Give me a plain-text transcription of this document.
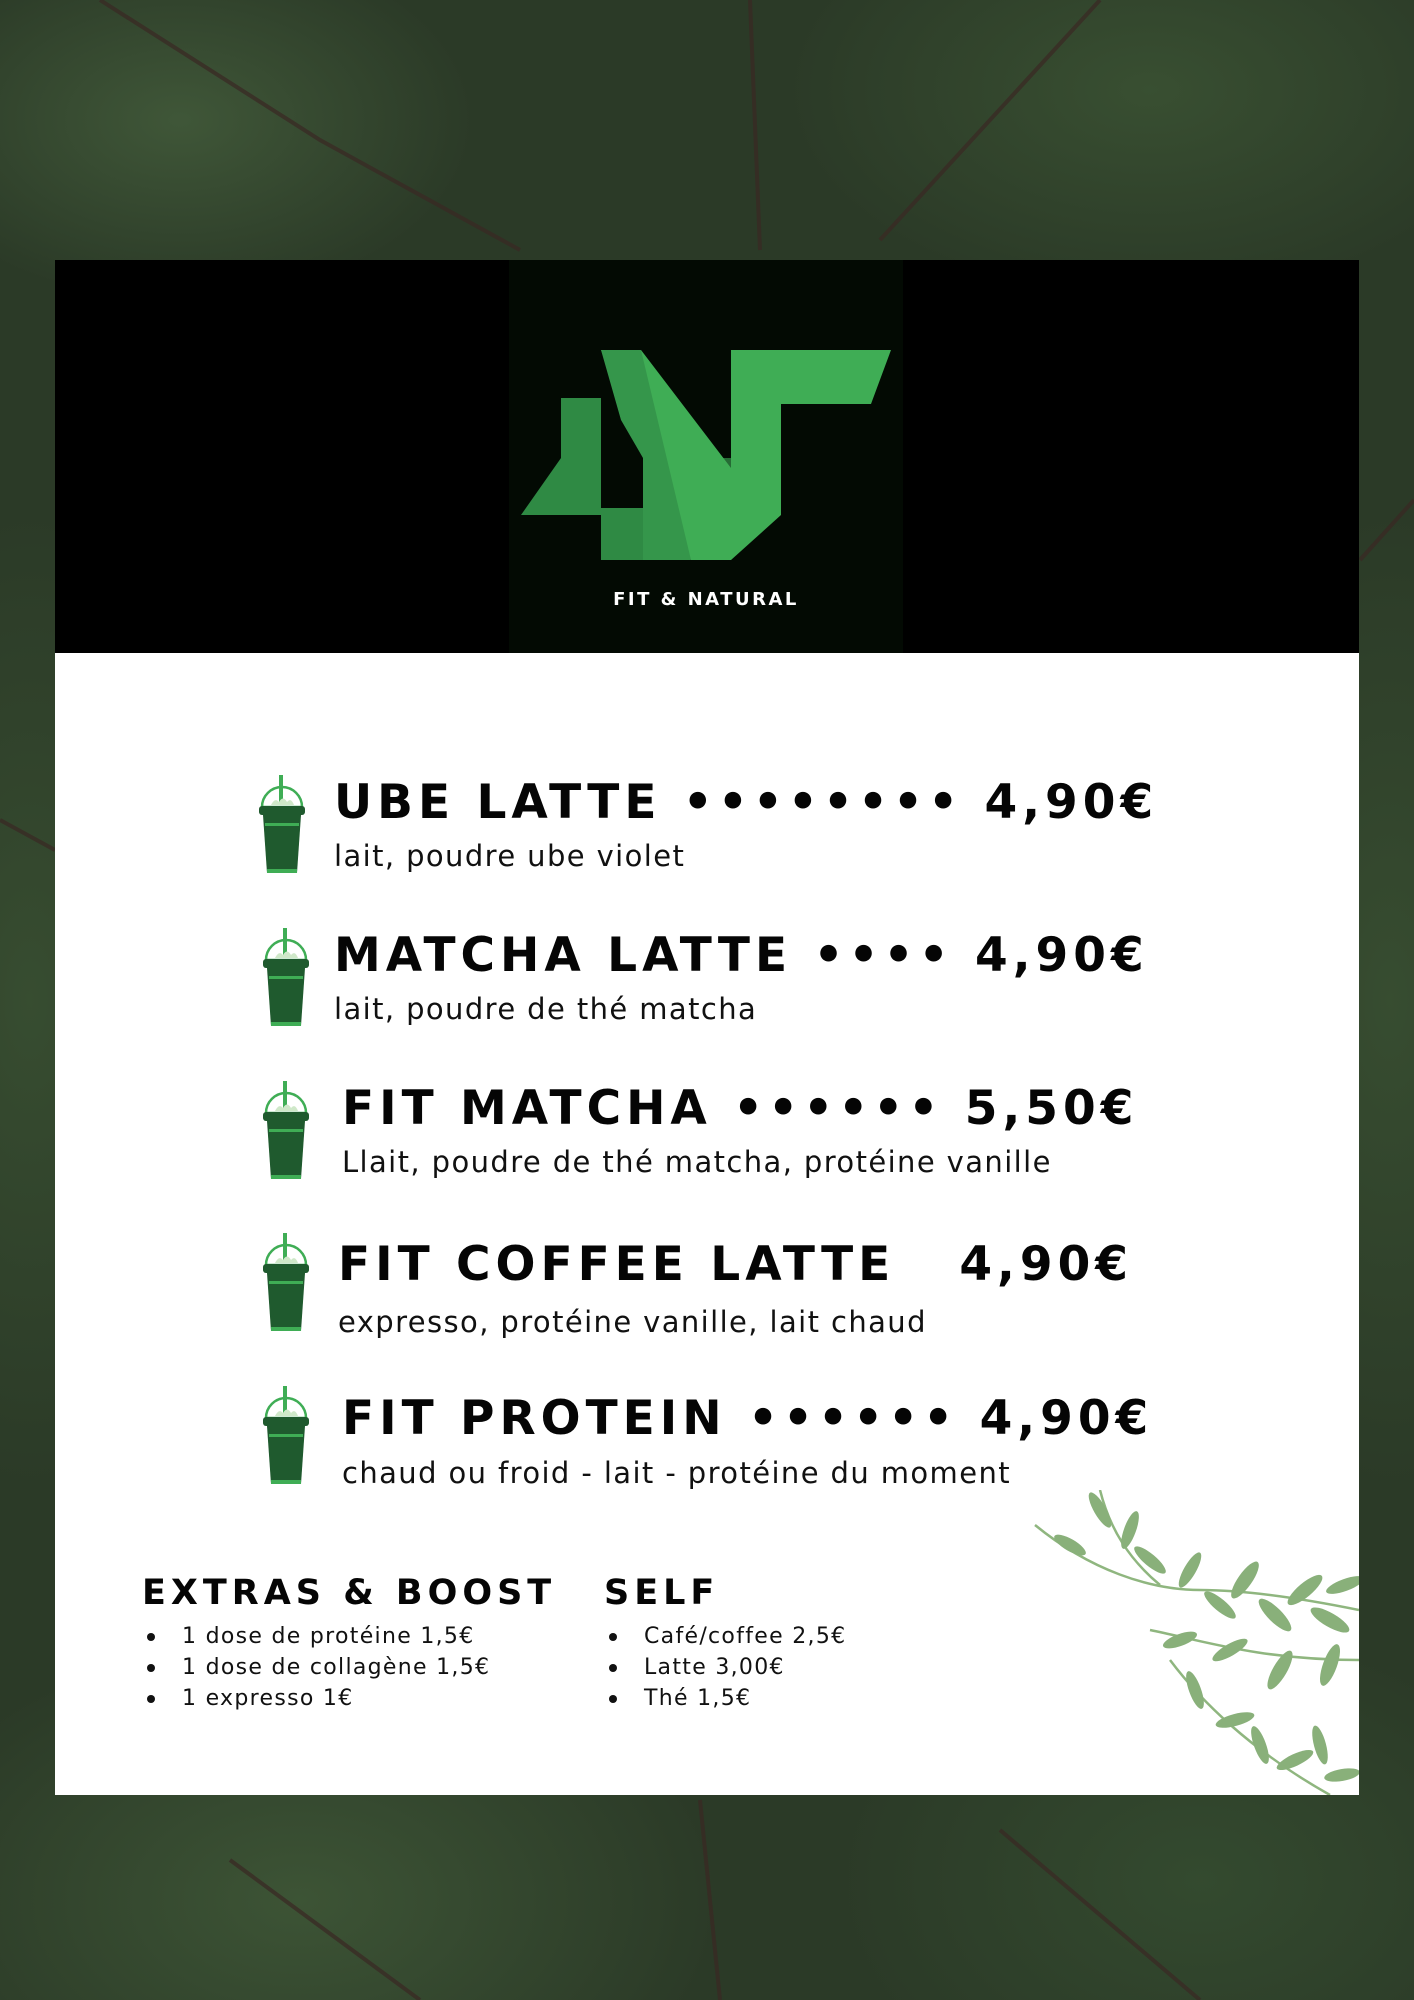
FIT & NATURAL
UBE LATTE •••••••• 4,90€
lait, poudre ube violet
MATCHA LATTE •••• 4,90€
lait, poudre de thé matcha
FIT MATCHA •••••• 5,50€
Llait, poudre de thé matcha, protéine vanille
FIT COFFEE LATTE   4,90€
expresso, protéine vanille, lait chaud
FIT PROTEIN •••••• 4,90€
chaud ou froid - lait - protéine du moment
EXTRAS & BOOST
1 dose de protéine 1,5€
1 dose de collagène 1,5€
1 expresso 1€
SELF
Café/coffee 2,5€
Latte 3,00€
Thé 1,5€
